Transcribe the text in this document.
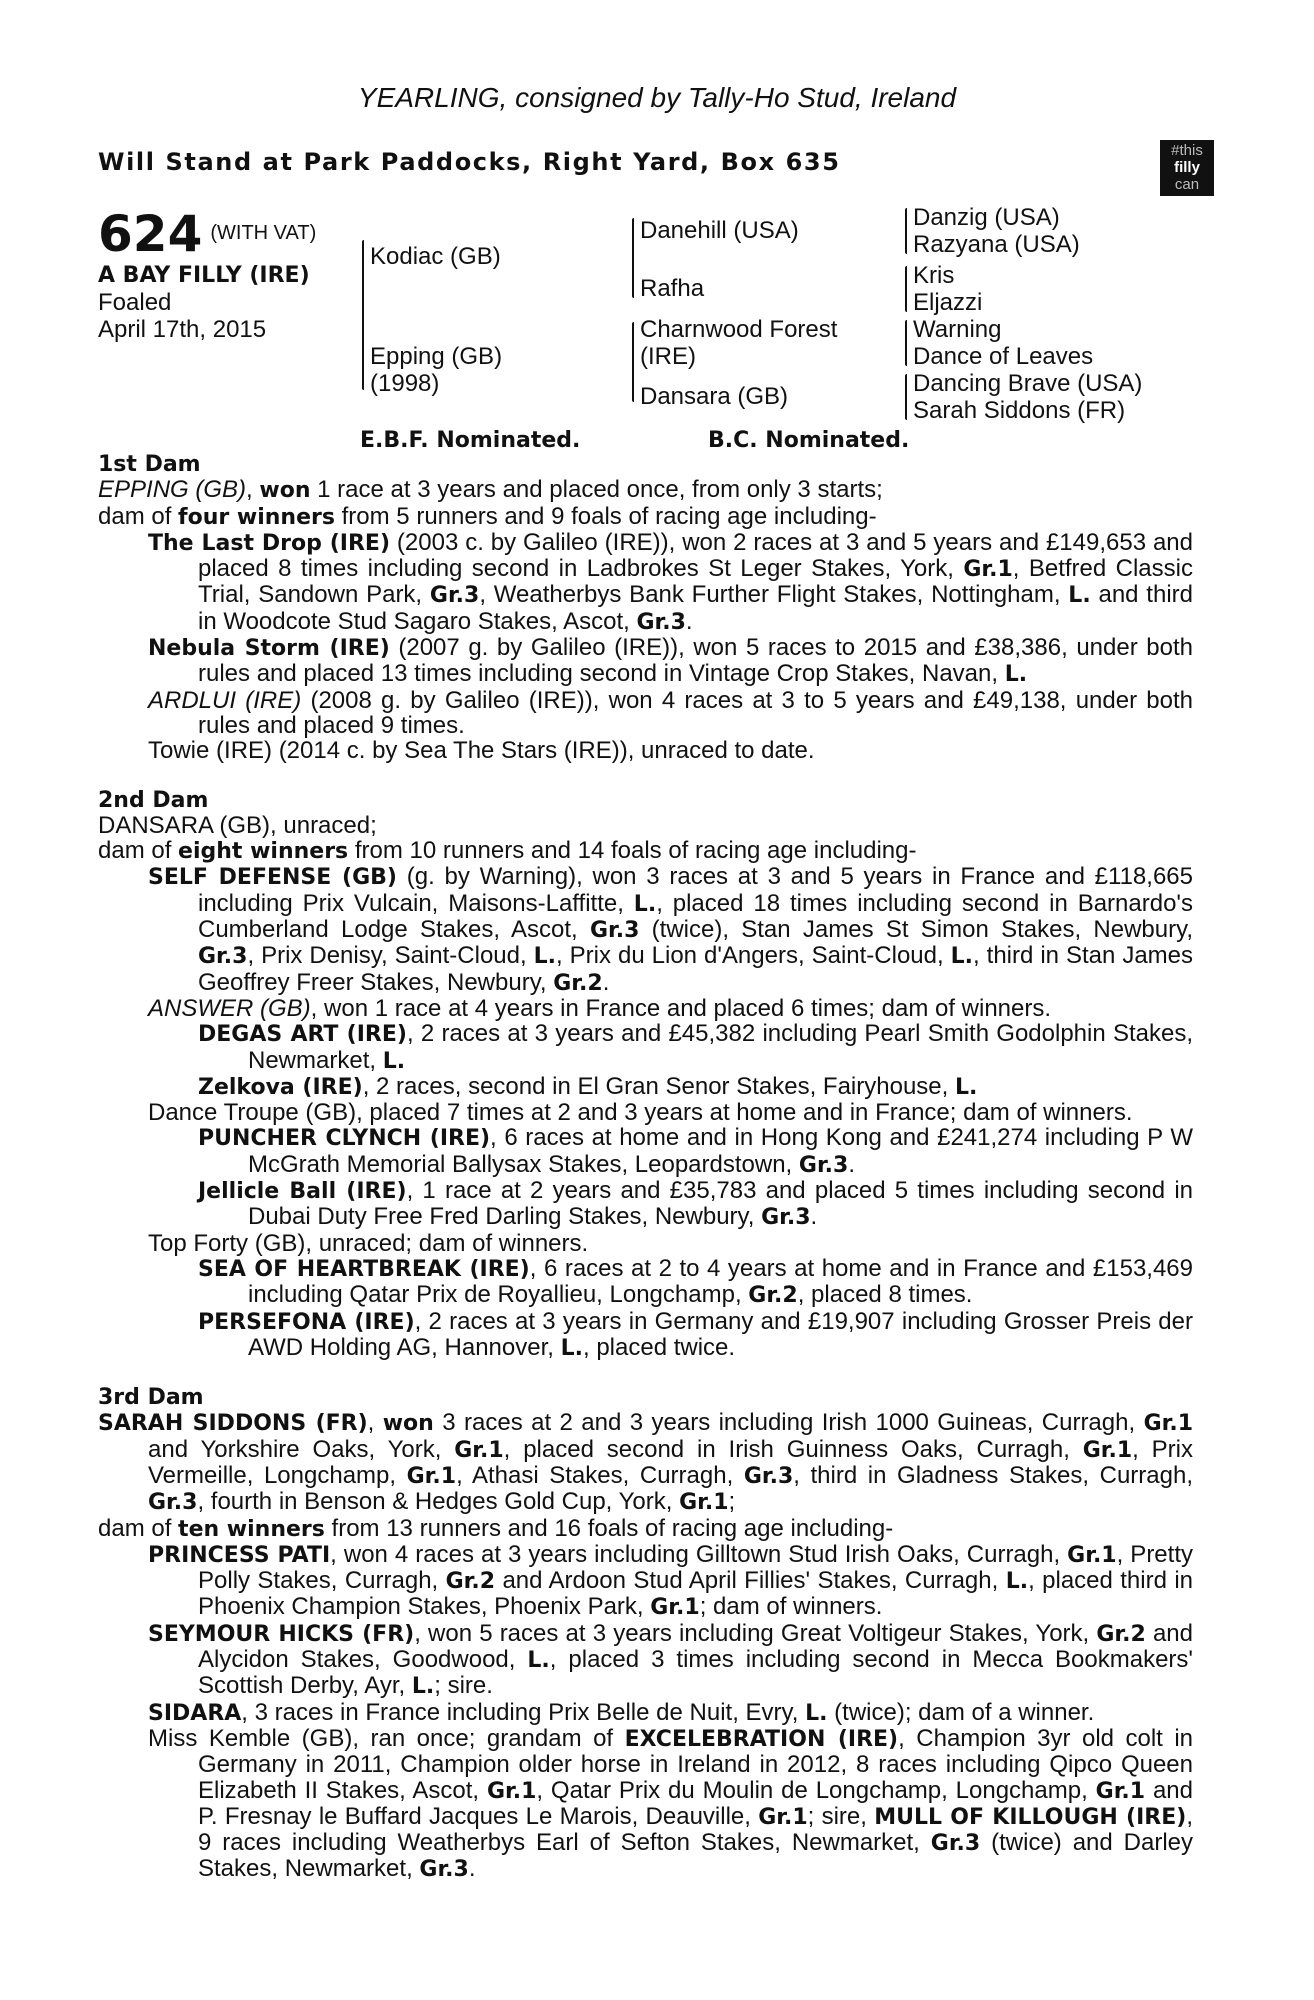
YEARLING, consigned by Tally-Ho Stud, Ireland
Will Stand at Park Paddocks, Right Yard, Box 635	#this
filly
can
624 (WITH VAT)
A BAY FILLY (IRE)
Foaled
April 17th, 2015
Kodiac (GB)
Epping (GB)
(1998)
Danehill (USA)
Rafha
Charnwood Forest
(IRE)
Dansara (GB)
Danzig (USA)
Razyana (USA)
Kris
Eljazzi
Warning
Dance of Leaves
Dancing Brave (USA)
Sarah Siddons (FR)
E.B.F. Nominated.	B.C. Nominated.

1st Dam

EPPING (GB), won 1 race at 3 years and placed once, from only 3 starts;

dam of four winners from 5 runners and 9 foals of racing age including-

The Last Drop (IRE) (2003 c. by Galileo (IRE)), won 2 races at 3 and 5 years and £149,653 and placed 8 times including second in Ladbrokes St Leger Stakes, York, Gr.1, Betfred Classic Trial, Sandown Park, Gr.3, Weatherbys Bank Further Flight Stakes, Nottingham, L. and third in Woodcote Stud Sagaro Stakes, Ascot, Gr.3.

Nebula Storm (IRE) (2007 g. by Galileo (IRE)), won 5 races to 2015 and £38,386, under both rules and placed 13 times including second in Vintage Crop Stakes, Navan, L.

ARDLUI (IRE) (2008 g. by Galileo (IRE)), won 4 races at 3 to 5 years and £49,138, under both rules and placed 9 times.

Towie (IRE) (2014 c. by Sea The Stars (IRE)), unraced to date.

2nd Dam

DANSARA (GB), unraced;

dam of eight winners from 10 runners and 14 foals of racing age including-

SELF DEFENSE (GB) (g. by Warning), won 3 races at 3 and 5 years in France and £118,665 including Prix Vulcain, Maisons-Laffitte, L., placed 18 times including second in Barnardo's Cumberland Lodge Stakes, Ascot, Gr.3 (twice), Stan James St Simon Stakes, Newbury, Gr.3, Prix Denisy, Saint-Cloud, L., Prix du Lion d'Angers, Saint-Cloud, L., third in Stan James Geoffrey Freer Stakes, Newbury, Gr.2.

ANSWER (GB), won 1 race at 4 years in France and placed 6 times; dam of winners.

DEGAS ART (IRE), 2 races at 3 years and £45,382 including Pearl Smith Godolphin Stakes, Newmarket, L.

Zelkova (IRE), 2 races, second in El Gran Senor Stakes, Fairyhouse, L.

Dance Troupe (GB), placed 7 times at 2 and 3 years at home and in France; dam of winners.

PUNCHER CLYNCH (IRE), 6 races at home and in Hong Kong and £241,274 including P W McGrath Memorial Ballysax Stakes, Leopardstown, Gr.3.

Jellicle Ball (IRE), 1 race at 2 years and £35,783 and placed 5 times including second in Dubai Duty Free Fred Darling Stakes, Newbury, Gr.3.

Top Forty (GB), unraced; dam of winners.

SEA OF HEARTBREAK (IRE), 6 races at 2 to 4 years at home and in France and £153,469 including Qatar Prix de Royallieu, Longchamp, Gr.2, placed 8 times.

PERSEFONA (IRE), 2 races at 3 years in Germany and £19,907 including Grosser Preis der AWD Holding AG, Hannover, L., placed twice.

3rd Dam

SARAH SIDDONS (FR), won 3 races at 2 and 3 years including Irish 1000 Guineas, Curragh, Gr.1 and Yorkshire Oaks, York, Gr.1, placed second in Irish Guinness Oaks, Curragh, Gr.1, Prix Vermeille, Longchamp, Gr.1, Athasi Stakes, Curragh, Gr.3, third in Gladness Stakes, Curragh, Gr.3, fourth in Benson & Hedges Gold Cup, York, Gr.1;

dam of ten winners from 13 runners and 16 foals of racing age including-

PRINCESS PATI, won 4 races at 3 years including Gilltown Stud Irish Oaks, Curragh, Gr.1, Pretty Polly Stakes, Curragh, Gr.2 and Ardoon Stud April Fillies' Stakes, Curragh, L., placed third in Phoenix Champion Stakes, Phoenix Park, Gr.1; dam of winners.

SEYMOUR HICKS (FR), won 5 races at 3 years including Great Voltigeur Stakes, York, Gr.2 and Alycidon Stakes, Goodwood, L., placed 3 times including second in Mecca Bookmakers' Scottish Derby, Ayr, L.; sire.

SIDARA, 3 races in France including Prix Belle de Nuit, Evry, L. (twice); dam of a winner.

Miss Kemble (GB), ran once; grandam of EXCELEBRATION (IRE), Champion 3yr old colt in Germany in 2011, Champion older horse in Ireland in 2012, 8 races including Qipco Queen Elizabeth II Stakes, Ascot, Gr.1, Qatar Prix du Moulin de Longchamp, Longchamp, Gr.1 and P. Fresnay le Buffard Jacques Le Marois, Deauville, Gr.1; sire, MULL OF KILLOUGH (IRE), 9 races including Weatherbys Earl of Sefton Stakes, Newmarket, Gr.3 (twice) and Darley Stakes, Newmarket, Gr.3.
